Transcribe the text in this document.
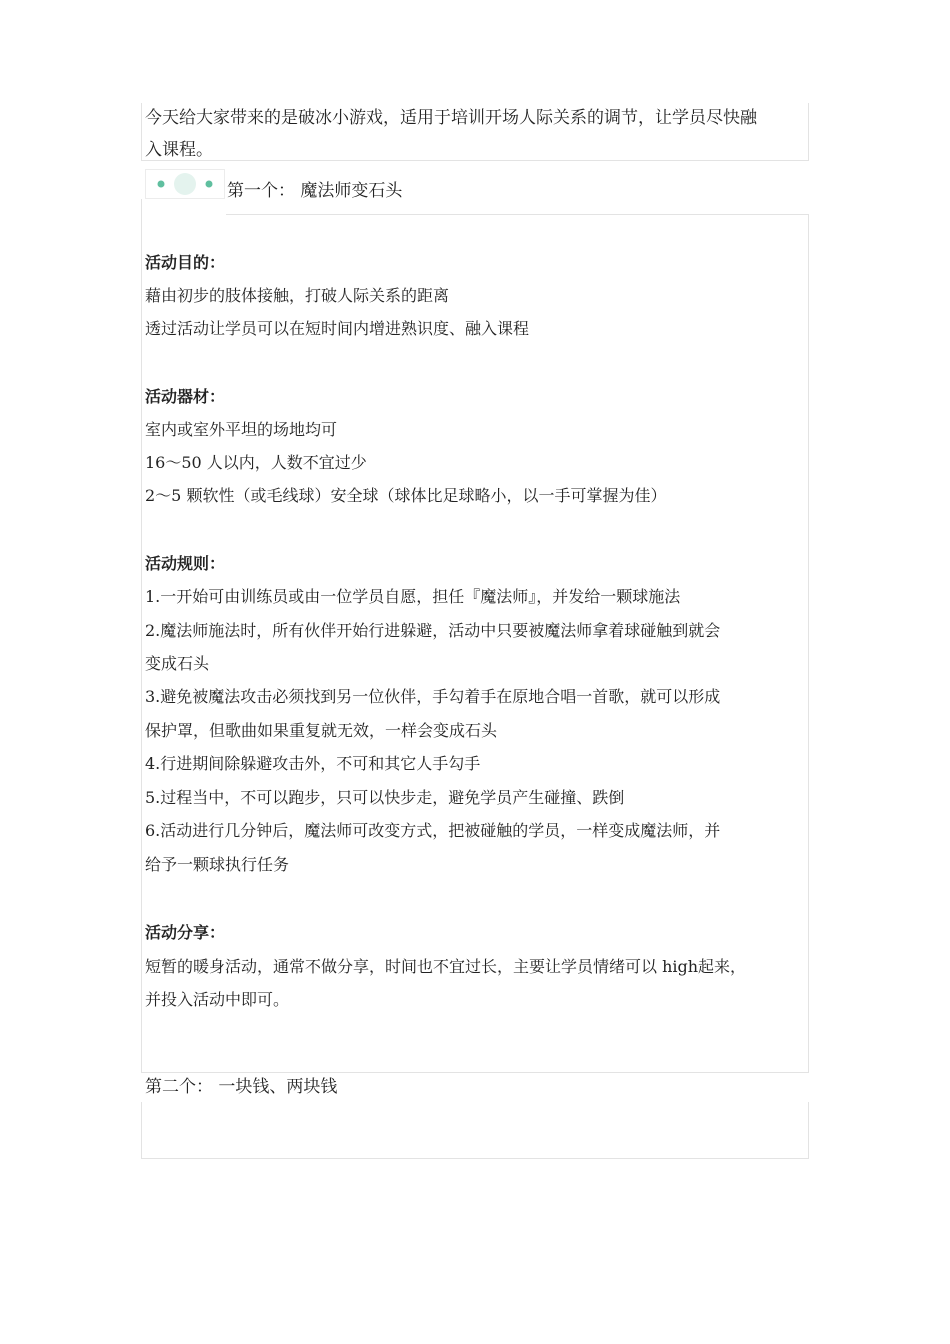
今天给大家带来的是破冰小游戏，适用于培训开场人际关系的调节，让学员尽快融
入课程。
第一个： 魔法师变石头
活动目的：
藉由初步的肢体接触，打破人际关系的距离
透过活动让学员可以在短时间内增进熟识度、融入课程
活动器材：
室内或室外平坦的场地均可
16～50 人以内，人数不宜过少
2～5 颗软性（或毛线球）安全球（球体比足球略小，以一手可掌握为佳）
活动规则：
1.一开始可由训练员或由一位学员自愿，担任『魔法师』，并发给一颗球施法
2.魔法师施法时，所有伙伴开始行进躲避，活动中只要被魔法师拿着球碰触到就会
变成石头
3.避免被魔法攻击必须找到另一位伙伴，手勾着手在原地合唱一首歌，就可以形成
保护罩，但歌曲如果重复就无效，一样会变成石头
4.行进期间除躲避攻击外，不可和其它人手勾手
5.过程当中，不可以跑步，只可以快步走，避免学员产生碰撞、跌倒
6.活动进行几分钟后，魔法师可改变方式，把被碰触的学员，一样变成魔法师，并
给予一颗球执行任务
活动分享：
短暂的暖身活动，通常不做分享，时间也不宜过长，主要让学员情绪可以 high起来，
并投入活动中即可。
第二个： 一块钱、两块钱
